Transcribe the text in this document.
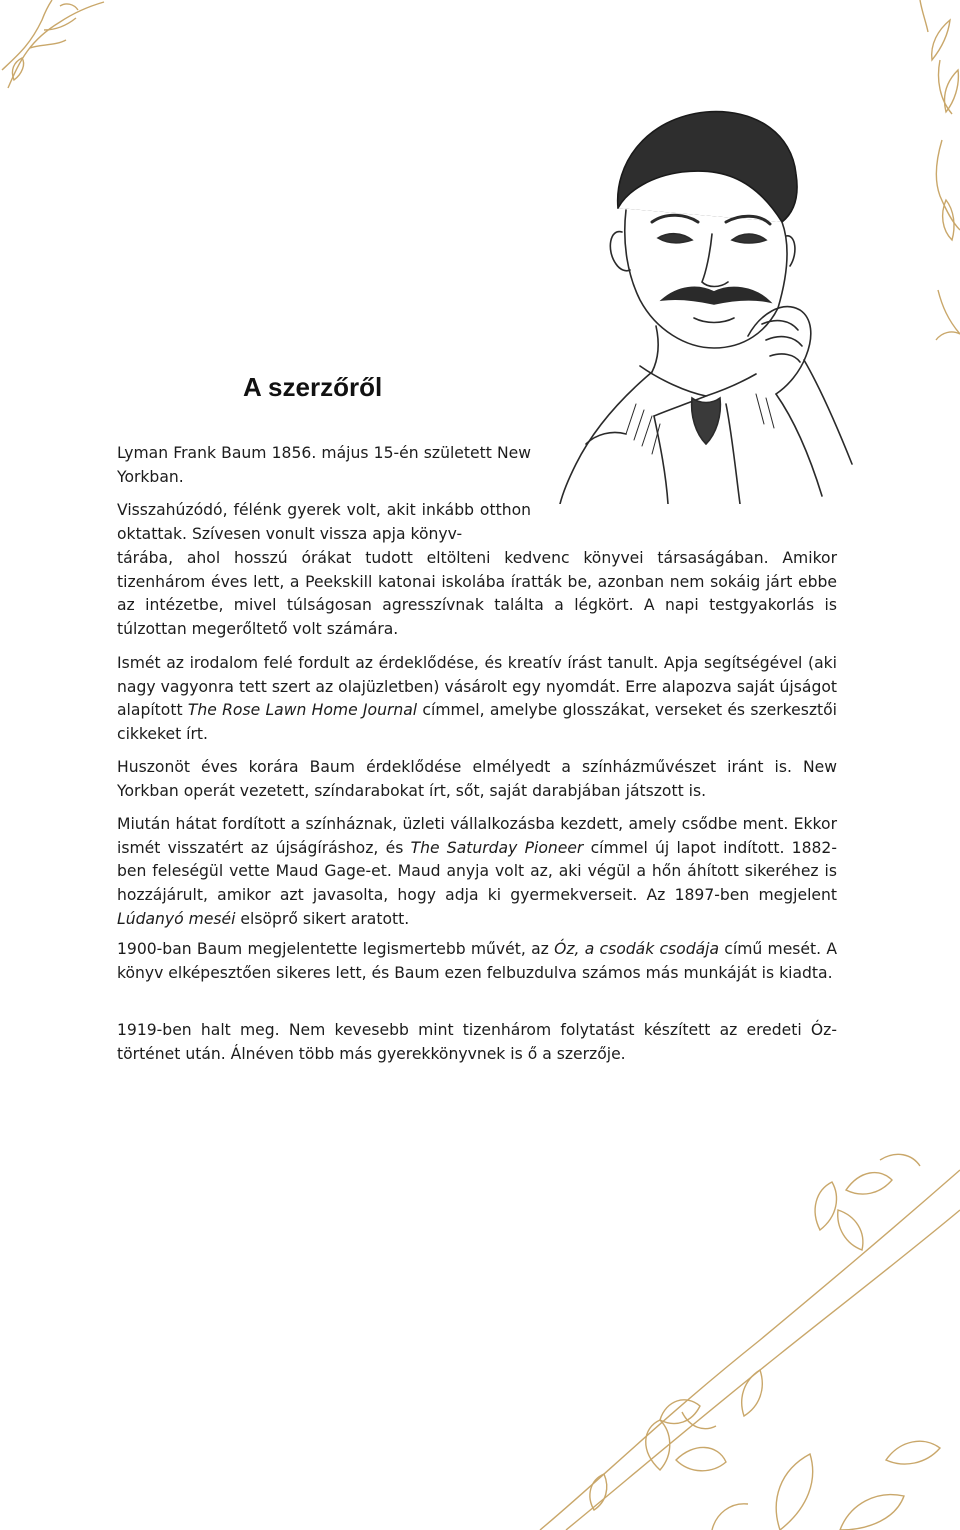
A szerzőről

Lyman Frank Baum 1856. május 15-én született New Yorkban.

Visszahúzódó, félénk gyerek volt, akit inkább otthon oktattak. Szívesen vonult vissza apja könyv-

tárába, ahol hosszú órákat tudott eltölteni kedvenc könyvei társaságában. Amikor tizenhárom éves lett, a Peekskill katonai iskolába íratták be, azonban nem sokáig járt ebbe az intézetbe, mivel túlságosan agresszívnak találta a légkört. A napi testgyakorlás is túlzottan megerőltető volt számára.

Ismét az irodalom felé fordult az érdeklődése, és kreatív írást tanult. Apja segítségével (aki nagy vagyonra tett szert az olajüzletben) vásárolt egy nyomdát. Erre alapozva saját újságot alapított The Rose Lawn Home Journal címmel, amelybe glosszákat, verseket és szerkesztői cikkeket írt.

Huszonöt éves korára Baum érdeklődése elmélyedt a színházművészet iránt is. New Yorkban operát vezetett, színdarabokat írt, sőt, saját darabjában játszott is.

Miután hátat fordított a színháznak, üzleti vállalkozásba kezdett, amely csődbe ment. Ekkor ismét visszatért az újságíráshoz, és The Saturday Pioneer címmel új lapot indított. 1882-ben feleségül vette Maud Gage-et. Maud anyja volt az, aki végül a hőn áhított sikeréhez is hozzájárult, amikor azt javasolta, hogy adja ki gyermekverseit. Az 1897-ben megjelent Lúdanyó meséi elsöprő sikert aratott.

1900-ban Baum megjelentette legismertebb művét, az Óz, a csodák csodája című mesét. A könyv elképesztően sikeres lett, és Baum ezen felbuzdulva számos más munkáját is kiadta.

1919-ben halt meg. Nem kevesebb mint tizenhárom folytatást készített az eredeti Óz-történet után. Álnéven több más gyerekkönyvnek is ő a szerzője.
